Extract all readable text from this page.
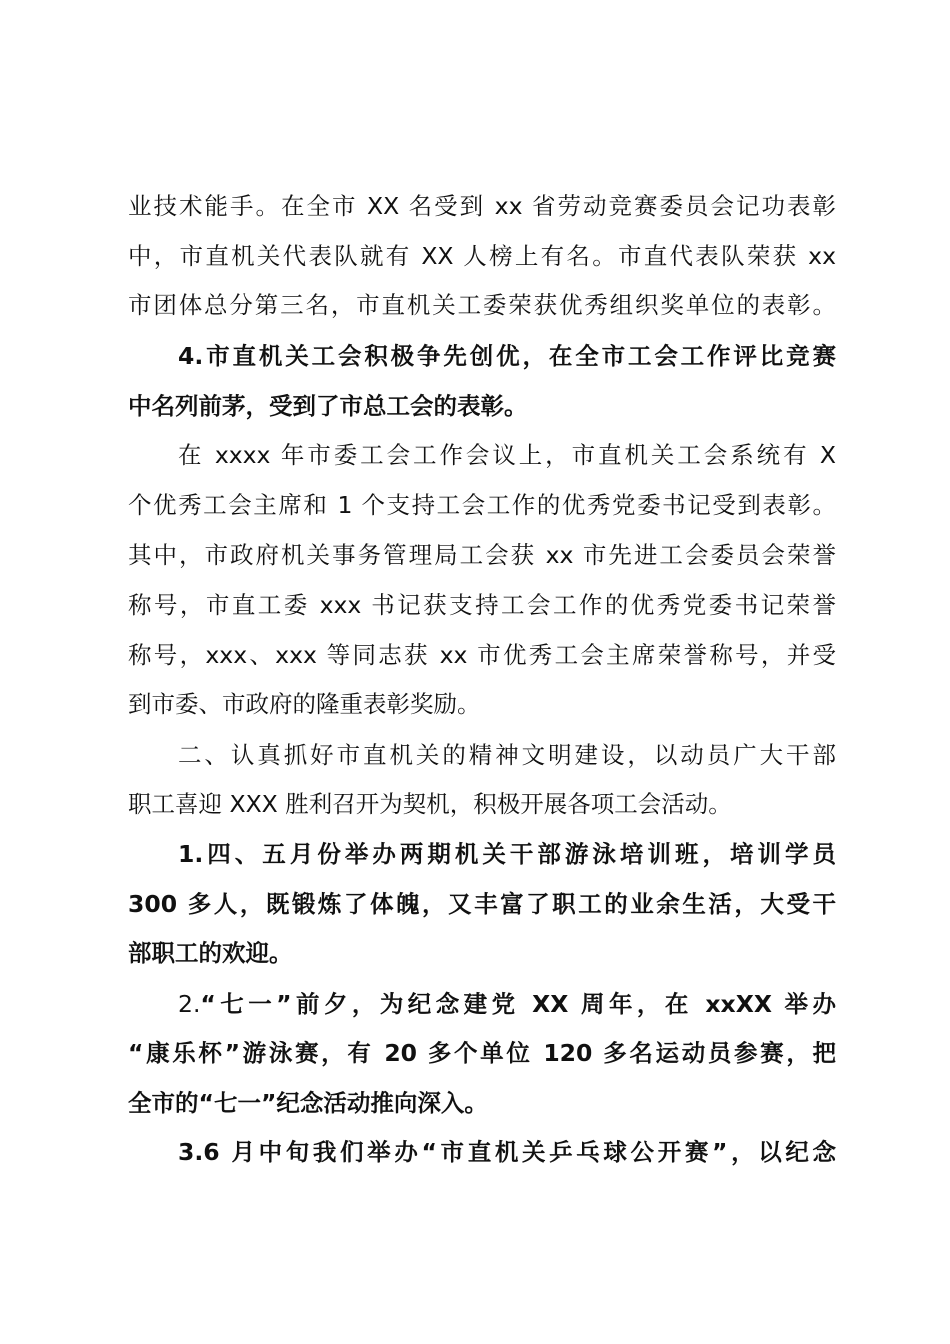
业技术能手。在全市 XX 名受到 xx 省劳动竞赛委员会记功表彰
中，市直机关代表队就有 XX 人榜上有名。市直代表队荣获 xx
市团体总分第三名，市直机关工委荣获优秀组织奖单位的表彰。
4.市直机关工会积极争先创优，在全市工会工作评比竞赛
中名列前茅，受到了市总工会的表彰。
在 xxxx 年市委工会工作会议上，市直机关工会系统有 X
个优秀工会主席和 1 个支持工会工作的优秀党委书记受到表彰。
其中，市政府机关事务管理局工会获 xx 市先进工会委员会荣誉
称号，市直工委 xxx 书记获支持工会工作的优秀党委书记荣誉
称号，xxx、xxx 等同志获 xx 市优秀工会主席荣誉称号，并受
到市委、市政府的隆重表彰奖励。
二、认真抓好市直机关的精神文明建设，以动员广大干部
职工喜迎 XXX 胜利召开为契机，积极开展各项工会活动。
1.四、五月份举办两期机关干部游泳培训班，培训学员
300 多人，既锻炼了体魄，又丰富了职工的业余生活，大受干
部职工的欢迎。
2.“七一”前夕，为纪念建党 XX 周年，在 xxXX 举办
“康乐杯”游泳赛，有 20 多个单位 120 多名运动员参赛，把
全市的“七一”纪念活动推向深入。
3.6 月中旬我们举办“市直机关乒乓球公开赛”，以纪念
